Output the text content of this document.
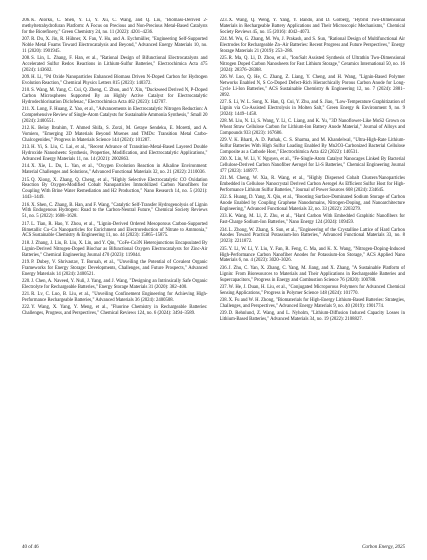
206.K. Alorku, C. Shen, Y. Li, Y. Xu, C. Wang, and Q. Liu, "Biomass-Derived 2-methyltetrahydrofuran Platform: A Focus on Precious and Non-Precious Metal-Based Catalysts for the Biorefinery," Green Chemistry 24, no. 11 (2022): 4201–4236.

207.R. Du, X. Jin, R. Hübner, X. Fan, Y. Hu, and A. Eychmüller, "Engineering Self-Supported Noble Metal Foams Toward Electrocatalysis and Beyond," Advanced Energy Materials 10, no. 11 (2020): 1901945.

208.S. Lin, L. Zhang, F. Han, et al., "Rational Design of Bifunctional Electrocatalysts and Accelerated Sulfur Redox Reactions in Lithium-Sulfur Batteries," Electrochimica Acta 475 (2024): 143602.

209.H. Li, "Pd Oxide Nanoparticles Enhanced Biomass Driven N-Doped Carbon for Hydrogen Evolution Reaction," Chemical Physics Letters 815 (2023): 140372.

210.S. Wang, M. Yang, C. Cui, Q. Zheng, C. Zhou, and Y. Xin, "Duckweed Derived N, P-Doped Carbon Microspheres Supported By an Highly Active Catalyst for Electrocatalytic Hydrodechlorination Diclofenac," Electrochimica Acta 462 (2023): 142707.

211.X. Long, F. Huang, Z. Yao, et al., "Advancements in Electrocatalytic Nitrogen Reduction: A Comprehensive Review of Single-Atom Catalysts for Sustainable Ammonia Synthesis," Small 20 (2024): 2400551.

212.K. Belay Ibrahim, T. Ahmed Shifa, S. Zorzi, M. Getaye Sendeku, E. Moretti, and A. Vomiero, "Emerging 2D Materials Beyond Mxenes and TMDs: Transition Metal Carbo-Chalcogenides," Progress in Materials Science 144 (2024): 101287.

213.H. Yi, S. Liu, C. Lai, et al., "Recent Advance of Transition-Metal-Based Layered Double Hydroxide Nanosheets: Synthesis, Properties, Modification, and Electrocatalytic Applications," Advanced Energy Materials 11, no. 14 (2021): 2002863.

214.X. Xie, L. Du, L. Yan, et al., "Oxygen Evolution Reaction in Alkaline Environment: Material Challenges and Solutions," Advanced Functional Materials 32, no. 21 (2022): 2110036.

215.Q. Xiong, X. Zhang, Q. Cheng, et al., "Highly Selective Electrocatalytic CO Oxidation Reaction By Oxygen-Modified Cobalt Nanoparticles Immobilized Carbon Nanofibers for Coupling With Brine Water Remediation and H2 Production," Nano Research 14, no. 5 (2021): 1443–1449.

216.X. Shen, C. Zhang, B. Han, and F. Wang, "Catalytic Self-Transfer Hydrogenolysis of Lignin With Endogenous Hydrogen: Road to the Carbon-Neutral Future," Chemical Society Reviews 51, no. 5 (2022): 1608–1628.

217.L. Tian, R. Hao, Y. Zhou, et al., "Lignin-Derived Ordered Mesoporous Carbon-Supported Bimetallic Cu–Co Nanoparticles for Enrichment and Electroreduction of Nitrate to Ammonia," ACS Sustainable Chemistry & Engineering 11, no. 44 (2023): 15865–15875.

218.J. Zhang, J. Liu, B. Liu, X. Lin, and Y. Qin, "CoFe-Co3N Heterojunctions Encapsulated By Lignin-Derived Nitrogen-Doped Biochar as Bifunctional Oxygen Electrocatalysts for Zinc-Air Batteries," Chemical Engineering Journal 470 (2023): 119044.

219.P. Dubey, V. Shrivastav, T. Boruah, et al., "Unveiling the Potential of Covalent Organic Frameworks for Energy Storage: Developments, Challenges, and Future Prospects," Advanced Energy Materials 14 (2024): 2400521.

220.J. Chen, A. Naveed, Y. Nuli, J. Yang, and J. Wang, "Designing an Intrinsically Safe Organic Electrolyte for Rechargeable Batteries," Energy Storage Materials 31 (2020): 382–400.

221.R. Lv, C. Luo, B. Liu, et al., "Unveiling Confinement Engineering for Achieving High-Performance Rechargeable Batteries," Advanced Materials 36 (2024): 2400508.

222.Y. Wang, X. Yang, Y. Meng, et al., "Fluorine Chemistry in Rechargeable Batteries: Challenges, Progress, and Perspectives," Chemical Reviews 124, no. 6 (2024): 3494–3589.

223.X. Wang, Q. Weng, Y. Yang, Y. Bando, and D. Golberg, "Hybrid Two-Dimensional Materials in Rechargeable Battery Applications and Their Microscopic Mechanisms," Chemical Society Reviews 45, no. 15 (2016): 4042–4073.

224.M. Wu, G. Zhang, M. Wu, J. Prakash, and S. Sun, "Rational Design of Multifunctional Air Electrodes for Rechargeable Zn–Air Batteries: Recent Progress and Future Perspectives," Energy Storage Materials 21 (2019): 253–286.

225.R. Ma, Q. Li, D. Zhou, et al., "Ion/Salt Assisted Synthesis of Ultrathin Two-Dimensional Nitrogen Doped Carbon Nanosheets for Fast Lithium Storage," Ceramics International 50, no. 16 (2024): 28376–28388.

226.W. Luo, Q. He, C. Zhang, Z. Liang, Y. Cheng, and H. Wang, "Lignin-Based Polymer Networks Enabled N, S Co-Doped Defect-Rich Hierarchically Porous Carbon Anode for Long-Cycle Li-Ion Batteries," ACS Sustainable Chemistry & Engineering 12, no. 7 (2024): 2881–2892.

227.S. Li, W. L. Song, X. Han, Q. Cui, Y. Zhu, and S. Jiao, "Low-Temperature Graphitization of Lignin via Cu-Assisted Electrolysis in Molten Salt," Green Energy & Environment 9, no. 9 (2024): 1449–1458.

228.M. Liu, N. Li, S. Wang, Y. Li, C. Liang, and K. Yu, "3D Nanoflower-Like MoS2 Grown on Wheat Straw Cellulose Carbon for Lithium-Ion Battery Anode Material," Journal of Alloys and Compounds 933 (2023): 167686.

229.V. K. Bharti, A. D. Pathak, C. S. Sharma, and M. Khandelwal, "Ultra-High-Rate Lithium-Sulfur Batteries With High Sulfur Loading Enabled By Mn2O3-Carbonized Bacterial Cellulose Composite as a Cathode Host," Electrochimica Acta 422 (2022): 140531.

230.X. Lin, W. Li, V. Nguyen, et al., "Fe-Single-Atom Catalyst Nanocages Linked By Bacterial Cellulose-Derived Carbon Nanofiber Aerogel for Li-S Batteries," Chemical Engineering Journal 477 (2023): 146977.

231.M. Cheng, W. Xia, R. Wang, et al., "Highly Dispersed Cobalt Clusters/Nanoparticles Embedded in Cellulose Nanocrystal Derived Carbon Aerogel As Efficient Sulfur Host for High-Performance Lithium Sulfur Batteries," Journal of Power Sources 608 (2024): 234645.

232.S. Huang, D. Yang, X. Qiu, et al., "Boosting Surface-Dominated Sodium Storage of Carbon Anode Enabled by Coupling Graphene Nanodomains, Nitrogen-Doping, and Nanoarchitecture Engineering," Advanced Functional Materials 32, no. 33 (2022): 2203279.

233.K. Wang, M. Li, Z. Zhu, et al., "Hard Carbon With Embedded Graphitic Nanofibers for Fast-Charge Sodium-Ion Batteries," Nano Energy 124 (2024): 109459.

234.L. Zhong, W. Zhang, S. Sun, et al., "Engineering of the Crystalline Lattice of Hard Carbon Anodes Toward Practical Potassium-Ion Batteries," Advanced Functional Materials 33, no. 8 (2023): 2211872.

235.Y. Li, W. Li, Y. Liu, Y. Fan, R. Feng, C. Ma, and K. X. Wang, "Nitrogen-Doping-Induced High-Performance Carbon Nanofiber Anodes for Potassium-Ion Storage," ACS Applied Nano Materials 6, no. 4 (2023): 3020–3026.

236.J. Zhu, C. Yan, X. Zhang, C. Yang, M. Jiang, and X. Zhang, "A Sustainable Platform of Lignin: From Bioresources to Materials and Their Applications in Rechargeable Batteries and Supercapacitors," Progress in Energy and Combustion Science 76 (2020): 100788.

237.W. He, J. Duan, H. Liu, et al., "Conjugated Microporous Polymers for Advanced Chemical Sensing Applications," Progress in Polymer Science 148 (2024): 101770.

238.X. Fu and W. H. Zhong, "Biomaterials for High-Energy Lithium-Based Batteries: Strategies, Challenges, and Perspectives," Advanced Energy Materials 9, no. 40 (2019): 1901774.

239.D. Rehnlund, Z. Wang, and L. Nyholm, "Lithium-Diffusion Induced Capacity Losses in Lithium-Based Batteries," Advanced Materials 34, no. 19 (2022): 2108827.

40 of 46	Carbon Energy, 2025
